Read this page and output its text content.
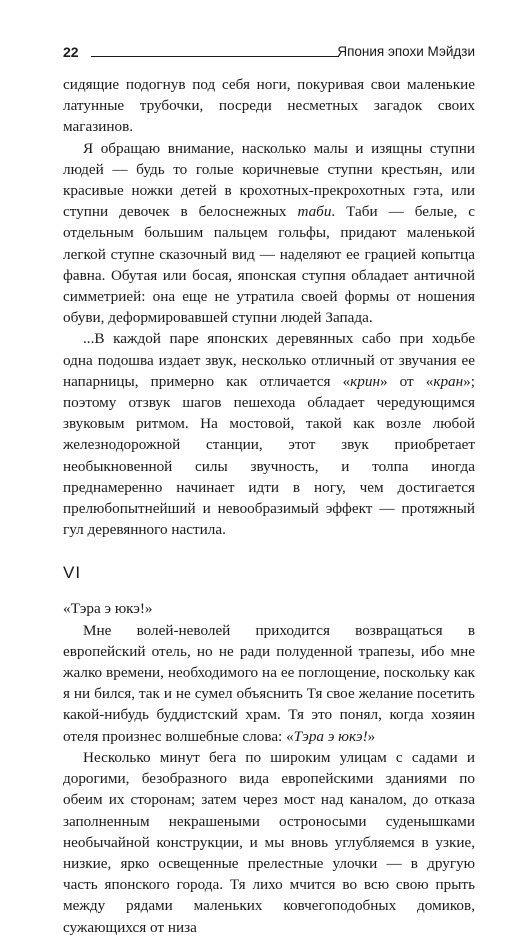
22	Япония эпохи Мэйдзи

сидящие подогнув под себя ноги, покуривая свои маленькие латунные трубочки, посреди несметных загадок своих магазинов.

Я обращаю внимание, насколько малы и изящны ступни людей — будь то голые коричневые ступни крестьян, или красивые ножки детей в крохотных-прекрохотных гэта, или ступни девочек в белоснежных таби. Таби — белые, с отдельным большим пальцем гольфы, придают маленькой легкой ступне сказочный вид — наделяют ее грацией копытца фавна. Обутая или босая, японская ступня обладает античной симметрией: она еще не утратила своей формы от ношения обуви, деформировавшей ступни людей Запада.

...В каждой паре японских деревянных сабо при ходьбе одна подошва издает звук, несколько отличный от звучания ее напарницы, примерно как отличается «крин» от «кран»; поэтому отзвук шагов пешехода обладает чередующимся звуковым ритмом. На мостовой, такой как возле любой железнодорожной станции, этот звук приобретает необыкновенной силы звучность, и толпа иногда преднамеренно начинает идти в ногу, чем достигается прелюбопытнейший и невообразимый эффект — протяжный гул деревянного настила.

VI

«Тэра э юкэ!»

Мне волей-неволей приходится возвращаться в европейский отель, но не ради полуденной трапезы, ибо мне жалко времени, необходимого на ее поглощение, поскольку как я ни бился, так и не сумел объяснить Тя свое желание посетить какой-нибудь буддистский храм. Тя это понял, когда хозяин отеля произнес волшебные слова: «Тэра э юкэ!»

Несколько минут бега по широким улицам с садами и дорогими, безобразного вида европейскими зданиями по обеим их сторонам; затем через мост над каналом, до отказа заполненным некрашеными остроносыми суденышками необычайной конструкции, и мы вновь углубляемся в узкие, низкие, ярко освещенные прелестные улочки — в другую часть японского города. Тя лихо мчится во всю свою прыть между рядами маленьких ковчегоподобных домиков, сужающихся от низа
